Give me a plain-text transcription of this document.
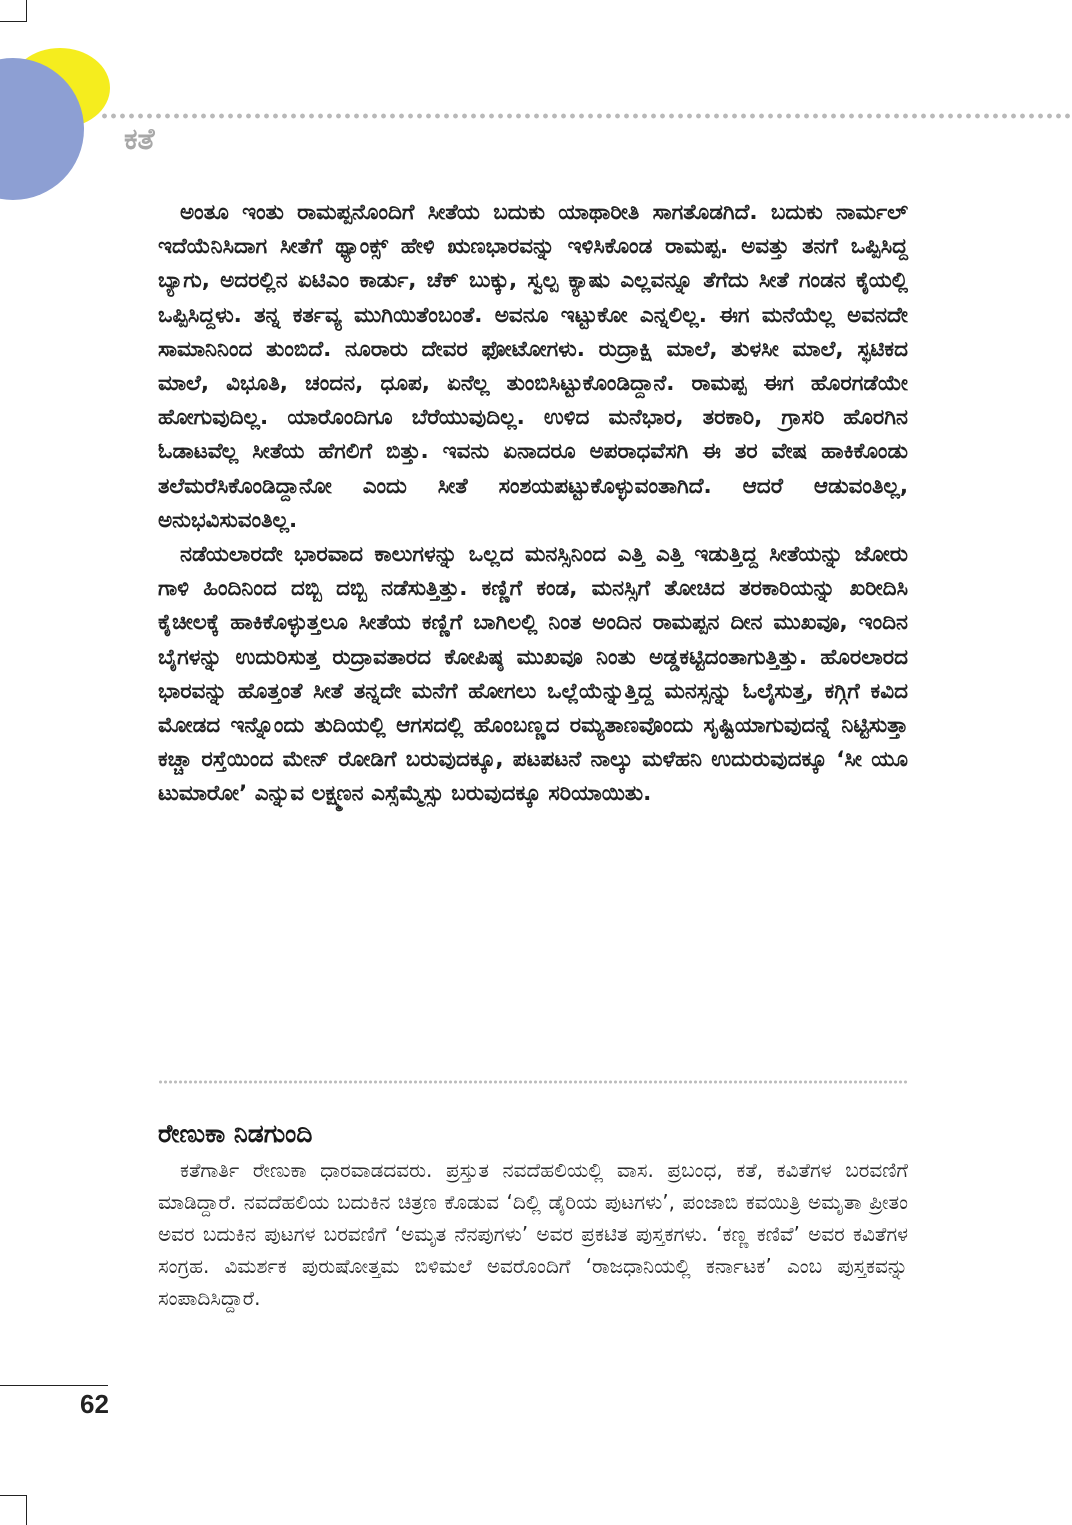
ಕತೆ

ಅಂತೂ ಇಂತು ರಾಮಪ್ಪನೊಂದಿಗೆ ಸೀತೆಯ ಬದುಕು ಯಾಥಾರೀತಿ ಸಾಗತೊಡಗಿದೆ. ಬದುಕು ನಾರ್ಮಲ್ ಇದೆಯೆನಿಸಿದಾಗ ಸೀತೆಗೆ ಥ್ಯಾಂಕ್ಸ್ ಹೇಳಿ ಋಣಭಾರವನ್ನು ಇಳಿಸಿಕೊಂಡ ರಾಮಪ್ಪ. ಅವತ್ತು ತನಗೆ ಒಪ್ಪಿಸಿದ್ದ ಬ್ಯಾಗು, ಅದರಲ್ಲಿನ ಏಟಿಎಂ ಕಾರ್ಡು, ಚೆಕ್ ಬುಕ್ಕು, ಸ್ವಲ್ಪ ಕ್ಯಾಷು ಎಲ್ಲವನ್ನೂ ತೆಗೆದು ಸೀತೆ ಗಂಡನ ಕೈಯಲ್ಲಿ ಒಪ್ಪಿಸಿದ್ದಳು. ತನ್ನ ಕರ್ತವ್ಯ ಮುಗಿಯಿತೆಂಬಂತೆ. ಅವನೂ ಇಟ್ಟುಕೋ ಎನ್ನಲಿಲ್ಲ. ಈಗ ಮನೆಯೆಲ್ಲ ಅವನದೇ ಸಾಮಾನಿನಿಂದ ತುಂಬಿದೆ. ನೂರಾರು ದೇವರ ಫೋಟೋಗಳು. ರುದ್ರಾಕ್ಷಿ ಮಾಲೆ, ತುಳಸೀ ಮಾಲೆ, ಸ್ಫಟಿಕದ ಮಾಲೆ, ವಿಭೂತಿ, ಚಂದನ, ಧೂಪ, ಏನೆಲ್ಲ ತುಂಬಿಸಿಟ್ಟುಕೊಂಡಿದ್ದಾನೆ. ರಾಮಪ್ಪ ಈಗ ಹೊರಗಡೆಯೇ ಹೋಗುವುದಿಲ್ಲ. ಯಾರೊಂದಿಗೂ ಬೆರೆಯುವುದಿಲ್ಲ. ಉಳಿದ ಮನೆಭಾರ, ತರಕಾರಿ, ಗ್ರಾಸರಿ ಹೊರಗಿನ ಓಡಾಟವೆಲ್ಲ ಸೀತೆಯ ಹೆಗಲಿಗೆ ಬಿತ್ತು. ಇವನು ಏನಾದರೂ ಅಪರಾಧವೆಸಗಿ ಈ ತರ ವೇಷ ಹಾಕಿಕೊಂಡು ತಲೆಮರೆಸಿಕೊಂಡಿದ್ದಾನೋ ಎಂದು ಸೀತೆ ಸಂಶಯಪಟ್ಟುಕೊಳ್ಳುವಂತಾಗಿದೆ. ಆದರೆ ಆಡುವಂತಿಲ್ಲ, ಅನುಭವಿಸುವಂತಿಲ್ಲ.

ನಡೆಯಲಾರದೇ ಭಾರವಾದ ಕಾಲುಗಳನ್ನು ಒಲ್ಲದ ಮನಸ್ಸಿನಿಂದ ಎತ್ತಿ ಎತ್ತಿ ಇಡುತ್ತಿದ್ದ ಸೀತೆಯನ್ನು ಜೋರು ಗಾಳಿ ಹಿಂದಿನಿಂದ ದಬ್ಬಿ ದಬ್ಬಿ ನಡೆಸುತ್ತಿತ್ತು. ಕಣ್ಣಿಗೆ ಕಂಡ, ಮನಸ್ಸಿಗೆ ತೋಚಿದ ತರಕಾರಿಯನ್ನು ಖರೀದಿಸಿ ಕೈಚೀಲಕ್ಕೆ ಹಾಕಿಕೊಳ್ಳುತ್ತಲೂ ಸೀತೆಯ ಕಣ್ಣಿಗೆ ಬಾಗಿಲಲ್ಲಿ ನಿಂತ ಅಂದಿನ ರಾಮಪ್ಪನ ದೀನ ಮುಖವೂ, ಇಂದಿನ ಬೈಗಳನ್ನು ಉದುರಿಸುತ್ತ ರುದ್ರಾವತಾರದ ಕೋಪಿಷ್ಠ ಮುಖವೂ ನಿಂತು ಅಡ್ಡಕಟ್ಟಿದಂತಾಗುತ್ತಿತ್ತು. ಹೊರಲಾರದ ಭಾರವನ್ನು ಹೊತ್ತಂತೆ ಸೀತೆ ತನ್ನದೇ ಮನೆಗೆ ಹೋಗಲು ಒಲ್ಲೆಯೆನ್ನುತ್ತಿದ್ದ ಮನಸ್ಸನ್ನು ಓಲೈಸುತ್ತ, ಕಗ್ಗಿಗೆ ಕವಿದ ಮೋಡದ ಇನ್ನೊಂದು ತುದಿಯಲ್ಲಿ ಆಗಸದಲ್ಲಿ ಹೊಂಬಣ್ಣದ ರಮ್ಯತಾಣವೊಂದು ಸೃಷ್ಟಿಯಾಗುವುದನ್ನೆ ನಿಟ್ಟಿಸುತ್ತಾ ಕಚ್ಚಾ ರಸ್ತೆಯಿಂದ ಮೇನ್ ರೋಡಿಗೆ ಬರುವುದಕ್ಕೂ, ಪಟಪಟನೆ ನಾಲ್ಕು ಮಳೆಹನಿ ಉದುರುವುದಕ್ಕೂ ‘ಸೀ ಯೂ ಟುಮಾರೋ’ ಎನ್ನುವ ಲಕ್ಷ್ಮಣನ ಎಸ್ಸೆಮ್ಮೆಸ್ಸು ಬರುವುದಕ್ಕೂ ಸರಿಯಾಯಿತು.

ರೇಣುಕಾ ನಿಡಗುಂದಿ

ಕತೆಗಾರ್ತಿ ರೇಣುಕಾ ಧಾರವಾಡದವರು. ಪ್ರಸ್ತುತ ನವದೆಹಲಿಯಲ್ಲಿ ವಾಸ. ಪ್ರಬಂಧ, ಕತೆ, ಕವಿತೆಗಳ ಬರವಣಿಗೆ ಮಾಡಿದ್ದಾರೆ. ನವದೆಹಲಿಯ ಬದುಕಿನ ಚಿತ್ರಣ ಕೊಡುವ ‘ದಿಲ್ಲಿ ಡೈರಿಯ ಪುಟಗಳು’, ಪಂಜಾಬಿ ಕವಯಿತ್ರಿ ಅಮೃತಾ ಪ್ರೀತಂ ಅವರ ಬದುಕಿನ ಪುಟಗಳ ಬರವಣಿಗೆ ‘ಅಮೃತ ನೆನಪುಗಳು’ ಅವರ ಪ್ರಕಟಿತ ಪುಸ್ತಕಗಳು. ‘ಕಣ್ಣ ಕಣಿವೆ’ ಅವರ ಕವಿತೆಗಳ ಸಂಗ್ರಹ. ವಿಮರ್ಶಕ ಪುರುಷೋತ್ತಮ ಬಿಳಿಮಲೆ ಅವರೊಂದಿಗೆ ‘ರಾಜಧಾನಿಯಲ್ಲಿ ಕರ್ನಾಟಕ’ ಎಂಬ ಪುಸ್ತಕವನ್ನು ಸಂಪಾದಿಸಿದ್ದಾರೆ.

62
